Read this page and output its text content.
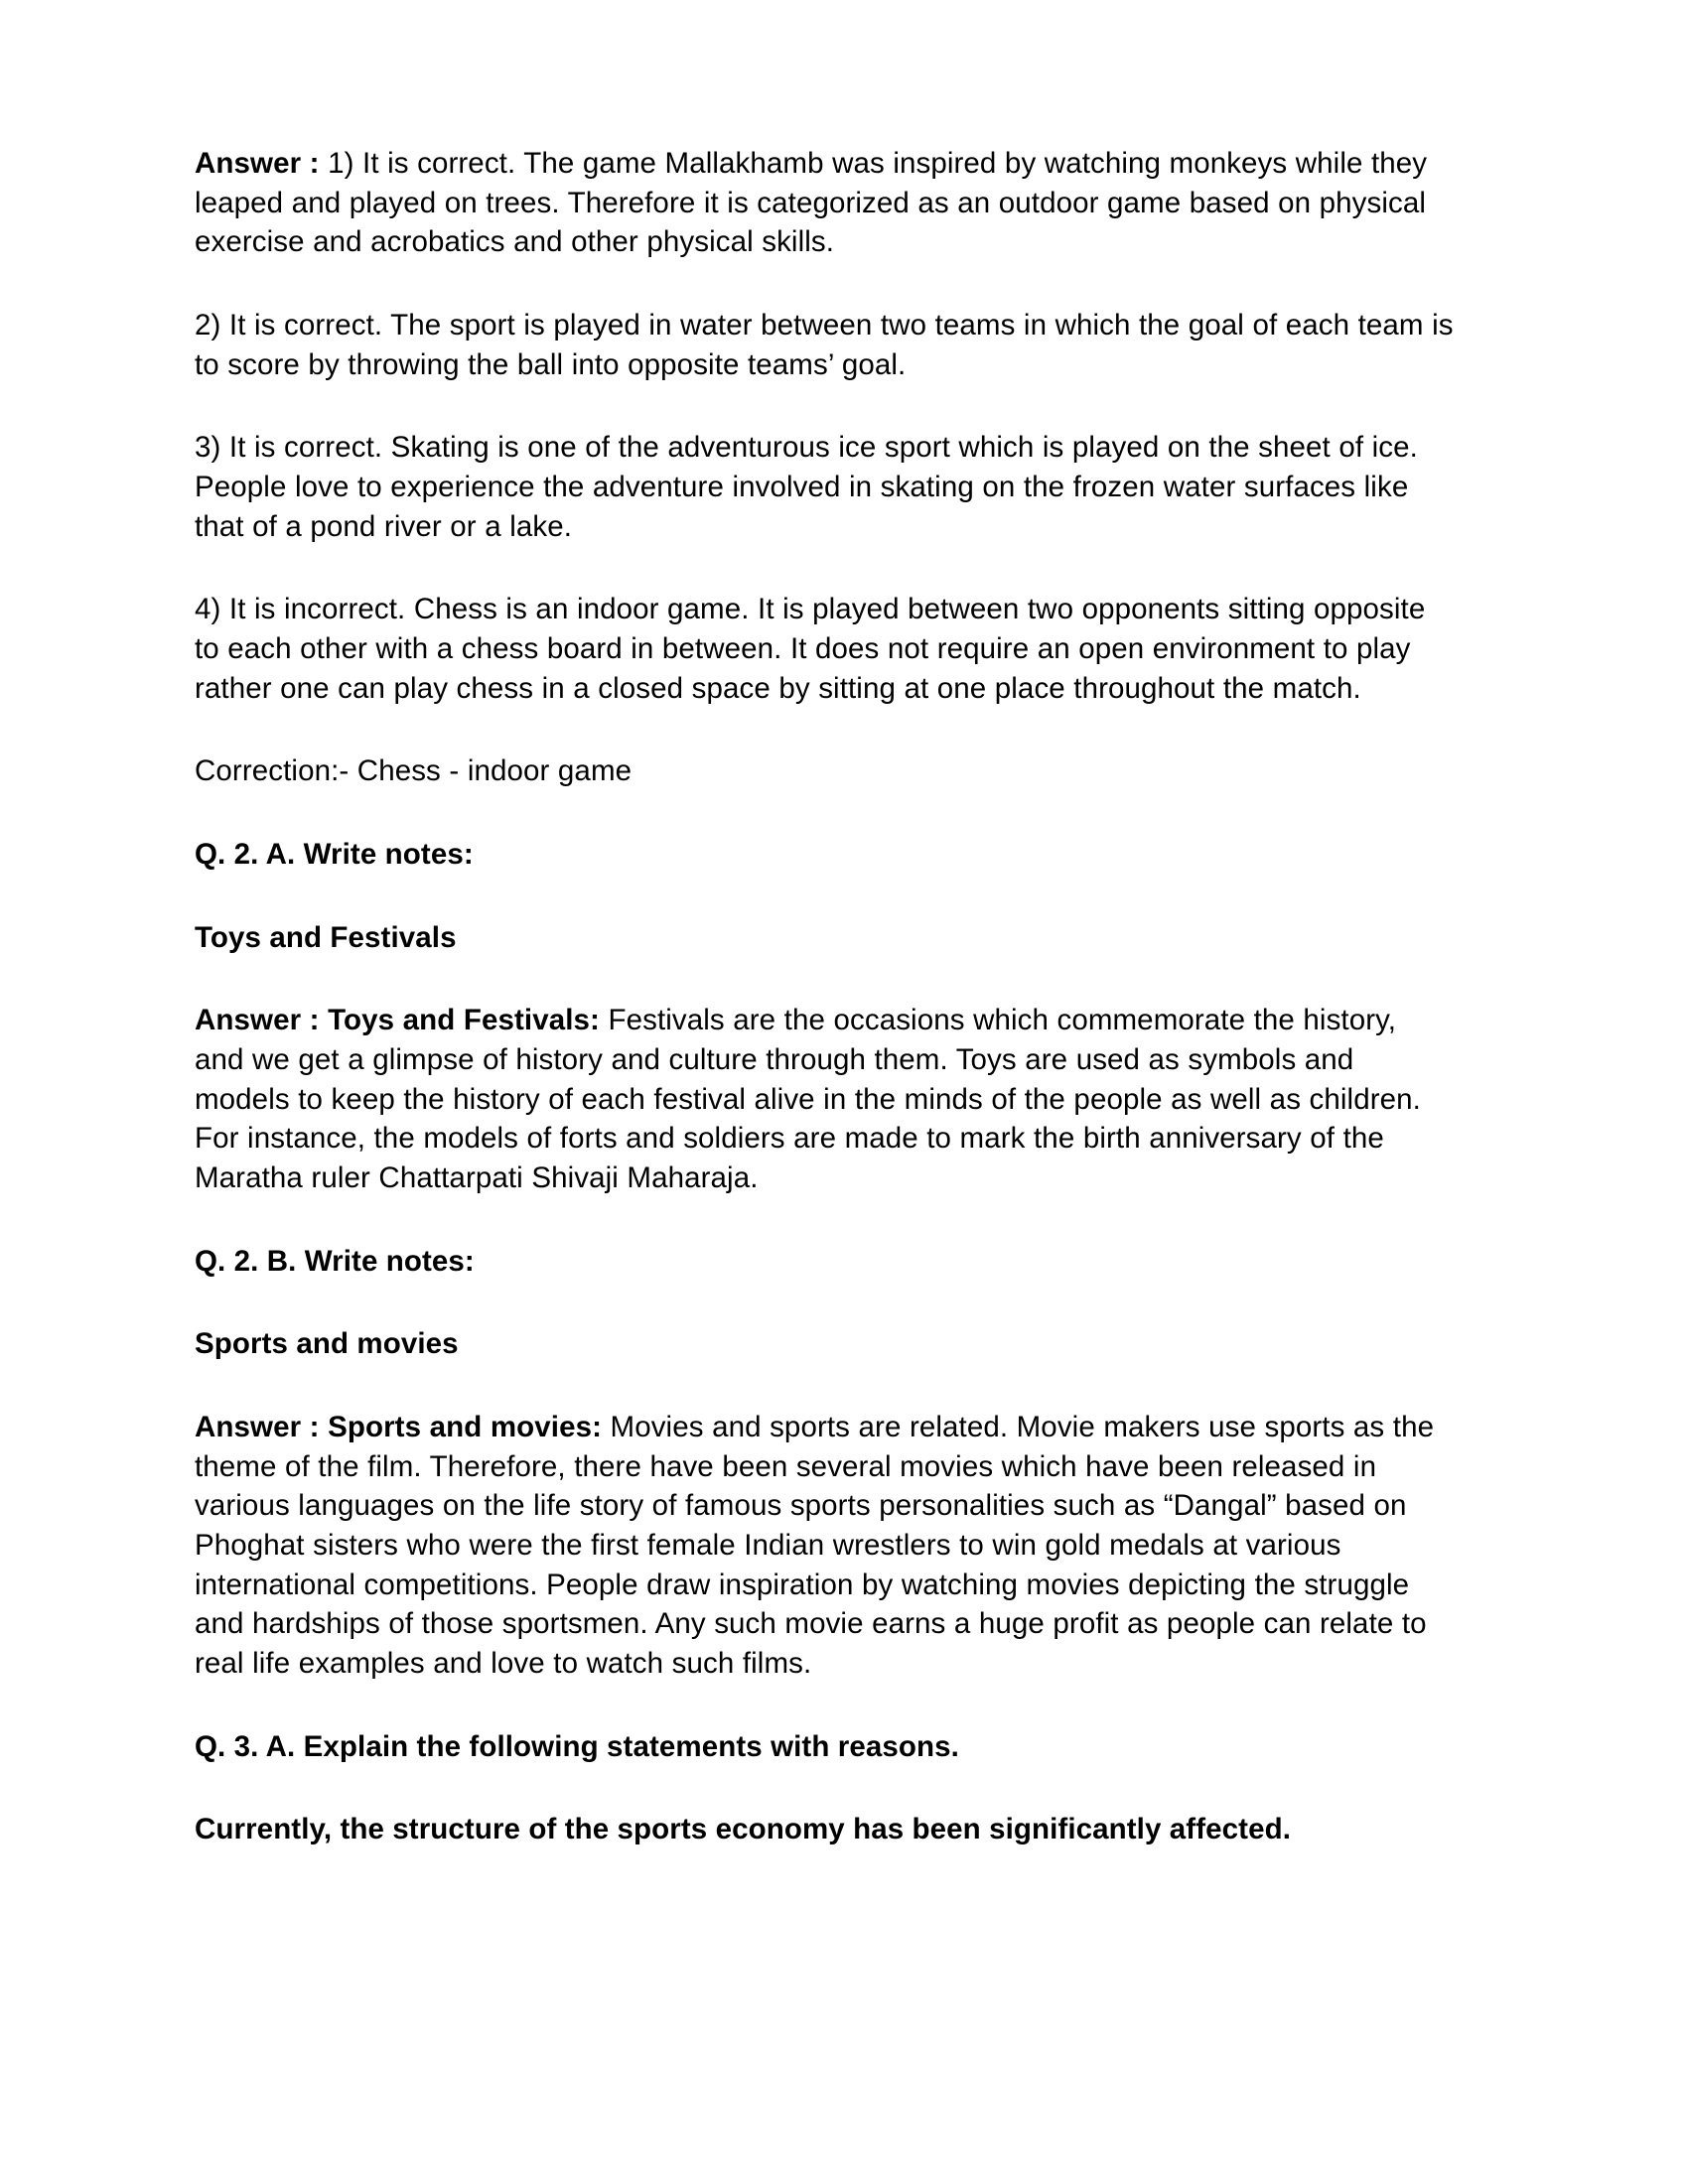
Answer : 1) It is correct. The game Mallakhamb was inspired by watching monkeys while they leaped and played on trees. Therefore it is categorized as an outdoor game based on physical exercise and acrobatics and other physical skills.

2) It is correct. The sport is played in water between two teams in which the goal of each team is to score by throwing the ball into opposite teams’ goal.

3) It is correct. Skating is one of the adventurous ice sport which is played on the sheet of ice. People love to experience the adventure involved in skating on the frozen water surfaces like that of a pond river or a lake.

4) It is incorrect. Chess is an indoor game. It is played between two opponents sitting opposite to each other with a chess board in between. It does not require an open environment to play rather one can play chess in a closed space by sitting at one place throughout the match.

Correction:- Chess - indoor game

Q. 2. A. Write notes:
Toys and Festivals

Answer : Toys and Festivals: Festivals are the occasions which commemorate the history, and we get a glimpse of history and culture through them. Toys are used as symbols and models to keep the history of each festival alive in the minds of the people as well as children. For instance, the models of forts and soldiers are made to mark the birth anniversary of the Maratha ruler Chattarpati Shivaji Maharaja.

Q. 2. B. Write notes:
Sports and movies

Answer : Sports and movies: Movies and sports are related. Movie makers use sports as the theme of the film. Therefore, there have been several movies which have been released in various languages on the life story of famous sports personalities such as “Dangal” based on Phoghat sisters who were the first female Indian wrestlers to win gold medals at various international competitions. People draw inspiration by watching movies depicting the struggle and hardships of those sportsmen. Any such movie earns a huge profit as people can relate to real life examples and love to watch such films.

Q. 3. A. Explain the following statements with reasons.
Currently, the structure of the sports economy has been significantly affected.
